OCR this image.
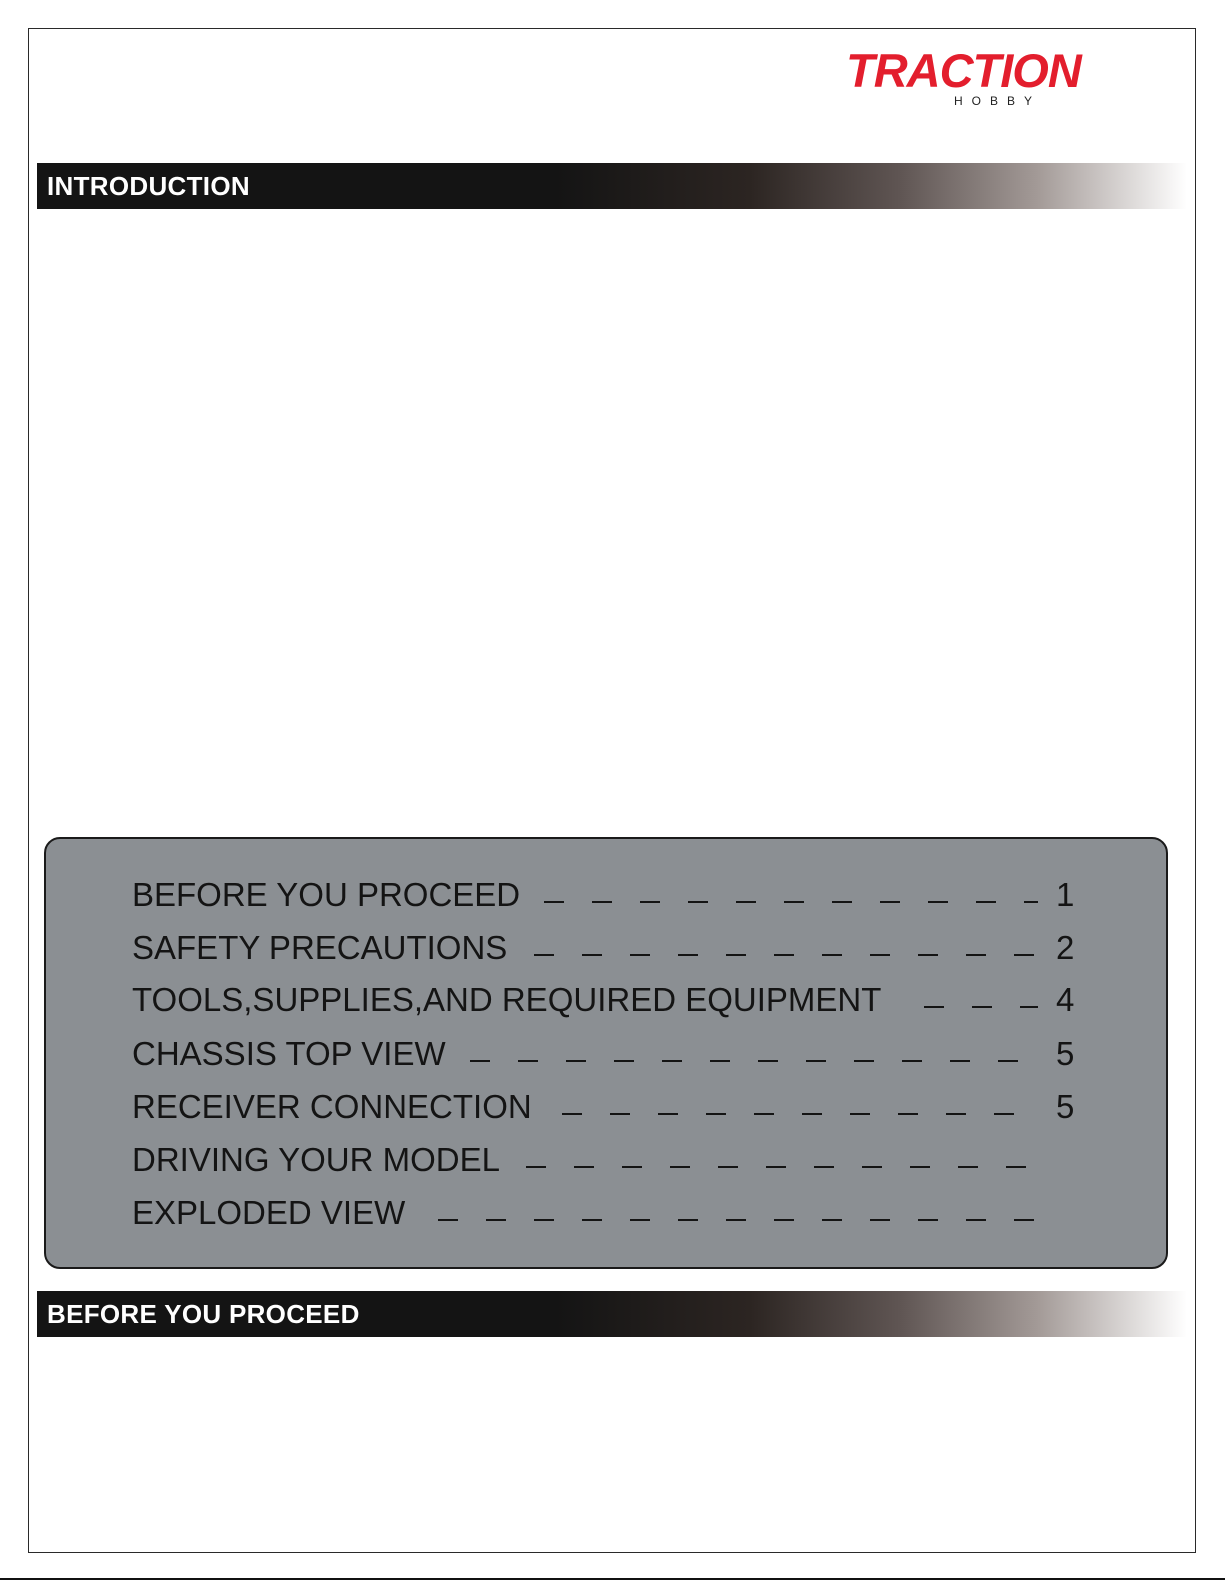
TRACTION
HOBBY
INTRODUCTION
BEFORE YOU PROCEED	1
SAFETY PRECAUTIONS	2
TOOLS,SUPPLIES,AND REQUIRED EQUIPMENT	4
CHASSIS TOP VIEW	5
RECEIVER CONNECTION	5
DRIVING YOUR MODEL
EXPLODED VIEW
BEFORE YOU PROCEED
